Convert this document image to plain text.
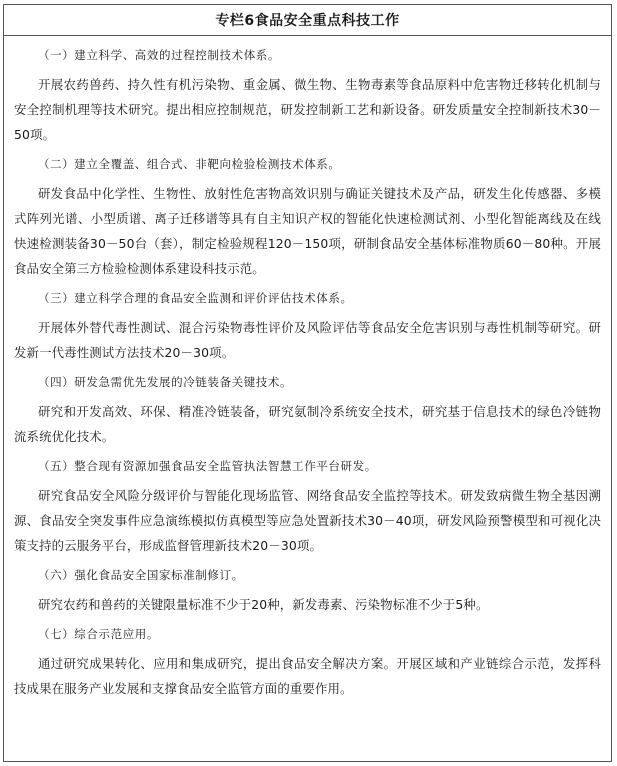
专栏6食品安全重点科技工作
（一）建立科学、高效的过程控制技术体系。
开展农药兽药、持久性有机污染物、重金属、微生物、生物毒素等食品原料中危害物迁移转化机制与安全控制机理等技术研究。提出相应控制规范，研发控制新工艺和新设备。研发质量安全控制新技术30－50项。
（二）建立全覆盖、组合式、非靶向检验检测技术体系。
研发食品中化学性、生物性、放射性危害物高效识别与确证关键技术及产品，研发生化传感器、多模式阵列光谱、小型质谱、离子迁移谱等具有自主知识产权的智能化快速检测试剂、小型化智能离线及在线快速检测装备30－50台（套），制定检验规程120－150项，研制食品安全基体标准物质60－80种。开展食品安全第三方检验检测体系建设科技示范。
（三）建立科学合理的食品安全监测和评价评估技术体系。
开展体外替代毒性测试、混合污染物毒性评价及风险评估等食品安全危害识别与毒性机制等研究。研发新一代毒性测试方法技术20－30项。
（四）研发急需优先发展的冷链装备关键技术。
研究和开发高效、环保、精准冷链装备，研究氨制冷系统安全技术，研究基于信息技术的绿色冷链物流系统优化技术。
（五）整合现有资源加强食品安全监管执法智慧工作平台研发。
研究食品安全风险分级评价与智能化现场监管、网络食品安全监控等技术。研发致病微生物全基因溯源、食品安全突发事件应急演练模拟仿真模型等应急处置新技术30－40项，研发风险预警模型和可视化决策支持的云服务平台，形成监督管理新技术20－30项。
（六）强化食品安全国家标准制修订。
研究农药和兽药的关键限量标准不少于20种，新发毒素、污染物标准不少于5种。
（七）综合示范应用。
通过研究成果转化、应用和集成研究，提出食品安全解决方案。开展区域和产业链综合示范，发挥科技成果在服务产业发展和支撑食品安全监管方面的重要作用。
